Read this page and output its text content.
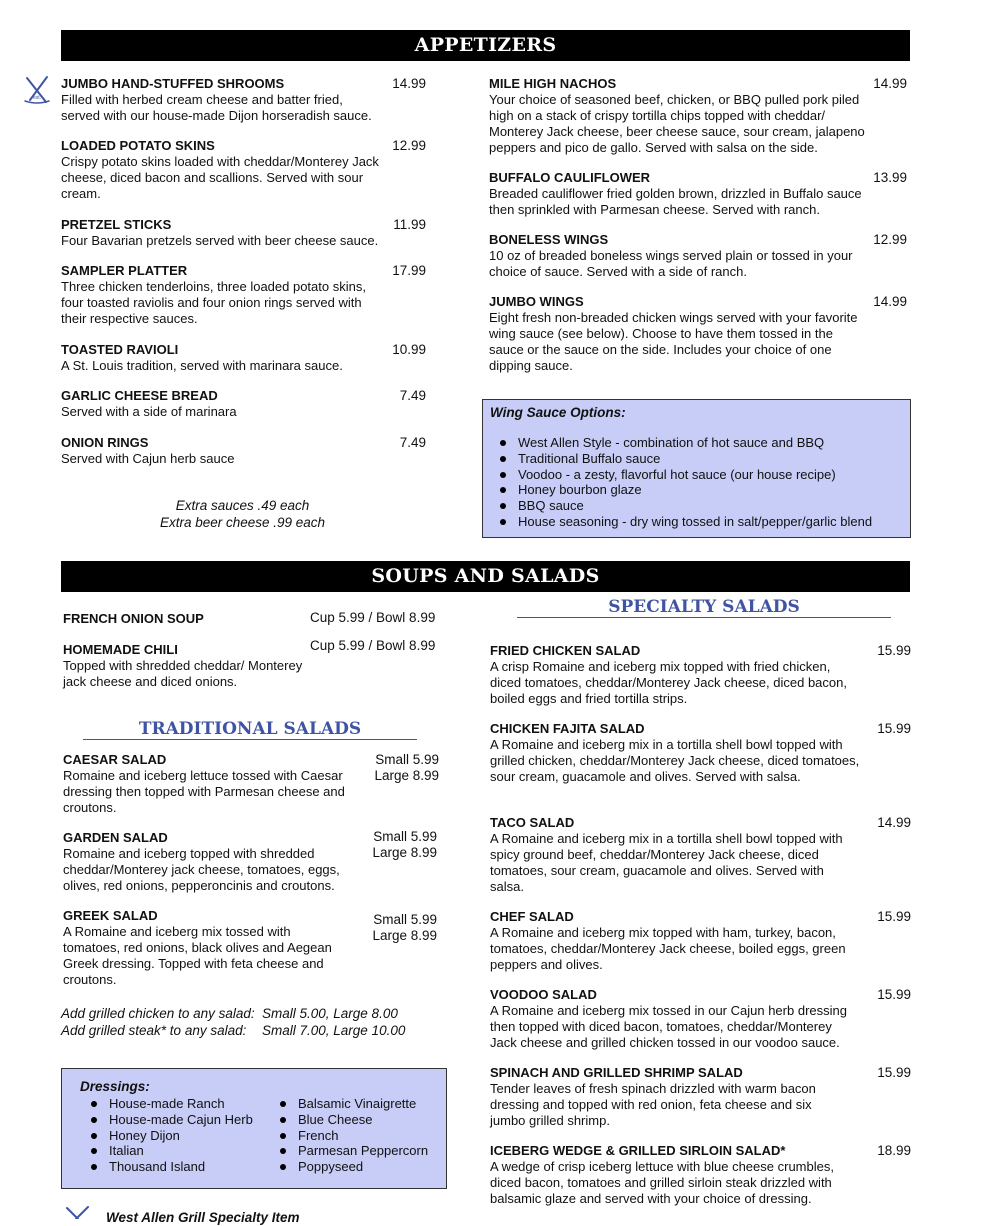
APPETIZERS
est.
JUMBO HAND-STUFFED SHROOMS
Filled with herbed cream cheese and batter fried, served with our house-made Dijon horseradish sauce.
14.99
LOADED POTATO SKINS
Crispy potato skins loaded with cheddar/Monterey Jack cheese, diced bacon and scallions. Served with sour cream.
12.99
PRETZEL STICKS
Four Bavarian pretzels served with beer cheese sauce.
11.99
SAMPLER PLATTER
Three chicken tenderloins, three loaded potato skins, four toasted raviolis and four onion rings served with their respective sauces.
17.99
TOASTED RAVIOLI
A St. Louis tradition, served with marinara sauce.
10.99
GARLIC CHEESE BREAD
Served with a side of marinara
7.49
ONION RINGS
Served with Cajun herb sauce
7.49
Extra sauces .49 each
Extra beer cheese .99 each
MILE HIGH NACHOS
Your choice of seasoned beef, chicken, or BBQ pulled pork piled high on a stack of crispy tortilla chips topped with cheddar/ Monterey Jack cheese, beer cheese sauce, sour cream, jalapeno peppers and pico de gallo. Served with salsa on the side.
14.99
BUFFALO CAULIFLOWER
Breaded cauliflower fried golden brown, drizzled in Buffalo sauce then sprinkled with Parmesan cheese. Served with ranch.
13.99
BONELESS WINGS
10 oz of breaded boneless wings served plain or tossed in your choice of sauce. Served with a side of ranch.
12.99
JUMBO WINGS
Eight fresh non-breaded chicken wings served with your favorite wing sauce (see below). Choose to have them tossed in the sauce or the sauce on the side. Includes your choice of one dipping sauce.
14.99
Wing Sauce Options:
West Allen Style - combination of hot sauce and BBQ
Traditional Buffalo sauce
Voodoo - a zesty, flavorful hot sauce (our house recipe)
Honey bourbon glaze
BBQ sauce
House seasoning - dry wing tossed in salt/pepper/garlic blend
SOUPS AND SALADS
FRENCH ONION SOUP	Cup 5.99 / Bowl 8.99
HOMEMADE CHILI
Topped with shredded cheddar/ Monterey jack cheese and diced onions.
Cup 5.99 / Bowl 8.99
TRADITIONAL SALADS
CAESAR SALAD
Romaine and iceberg lettuce tossed with Caesar dressing then topped with Parmesan cheese and croutons.
Small 5.99
Large 8.99
GARDEN SALAD
Romaine and iceberg topped with shredded cheddar/Monterey jack cheese, tomatoes, eggs, olives, red onions, pepperoncinis and croutons.
Small 5.99
Large 8.99
GREEK SALAD
A Romaine and iceberg mix tossed with tomatoes, red onions, black olives and Aegean Greek dressing. Topped with feta cheese and croutons.
Small 5.99
Large 8.99
Add grilled chicken to any salad: Small 5.00, Large 8.00
Add grilled steak* to any salad: Small 7.00, Large 10.00
Dressings:
House-made Ranch
House-made Cajun Herb
Honey Dijon
Italian
Thousand Island
Balsamic Vinaigrette
Blue Cheese
French
Parmesan Peppercorn
Poppyseed
West Allen Grill Specialty Item
SPECIALTY SALADS
FRIED CHICKEN SALAD
A crisp Romaine and iceberg mix topped with fried chicken, diced tomatoes, cheddar/Monterey Jack cheese, diced bacon, boiled eggs and fried tortilla strips.
15.99
CHICKEN FAJITA SALAD
A Romaine and iceberg mix in a tortilla shell bowl topped with grilled chicken, cheddar/Monterey Jack cheese, diced tomatoes, sour cream, guacamole and olives. Served with salsa.
15.99
TACO SALAD
A Romaine and iceberg mix in a tortilla shell bowl topped with spicy ground beef, cheddar/Monterey Jack cheese, diced tomatoes, sour cream, guacamole and olives. Served with salsa.
14.99
CHEF SALAD
A Romaine and iceberg mix topped with ham, turkey, bacon, tomatoes, cheddar/Monterey Jack cheese, boiled eggs, green peppers and olives.
15.99
VOODOO SALAD
A Romaine and iceberg mix tossed in our Cajun herb dressing then topped with diced bacon, tomatoes, cheddar/Monterey Jack cheese and grilled chicken tossed in our voodoo sauce.
15.99
SPINACH AND GRILLED SHRIMP SALAD
Tender leaves of fresh spinach drizzled with warm bacon dressing and topped with red onion, feta cheese and six jumbo grilled shrimp.
15.99
ICEBERG WEDGE & GRILLED SIRLOIN SALAD*
A wedge of crisp iceberg lettuce with blue cheese crumbles, diced bacon, tomatoes and grilled sirloin steak drizzled with balsamic glaze and served with your choice of dressing.
18.99
